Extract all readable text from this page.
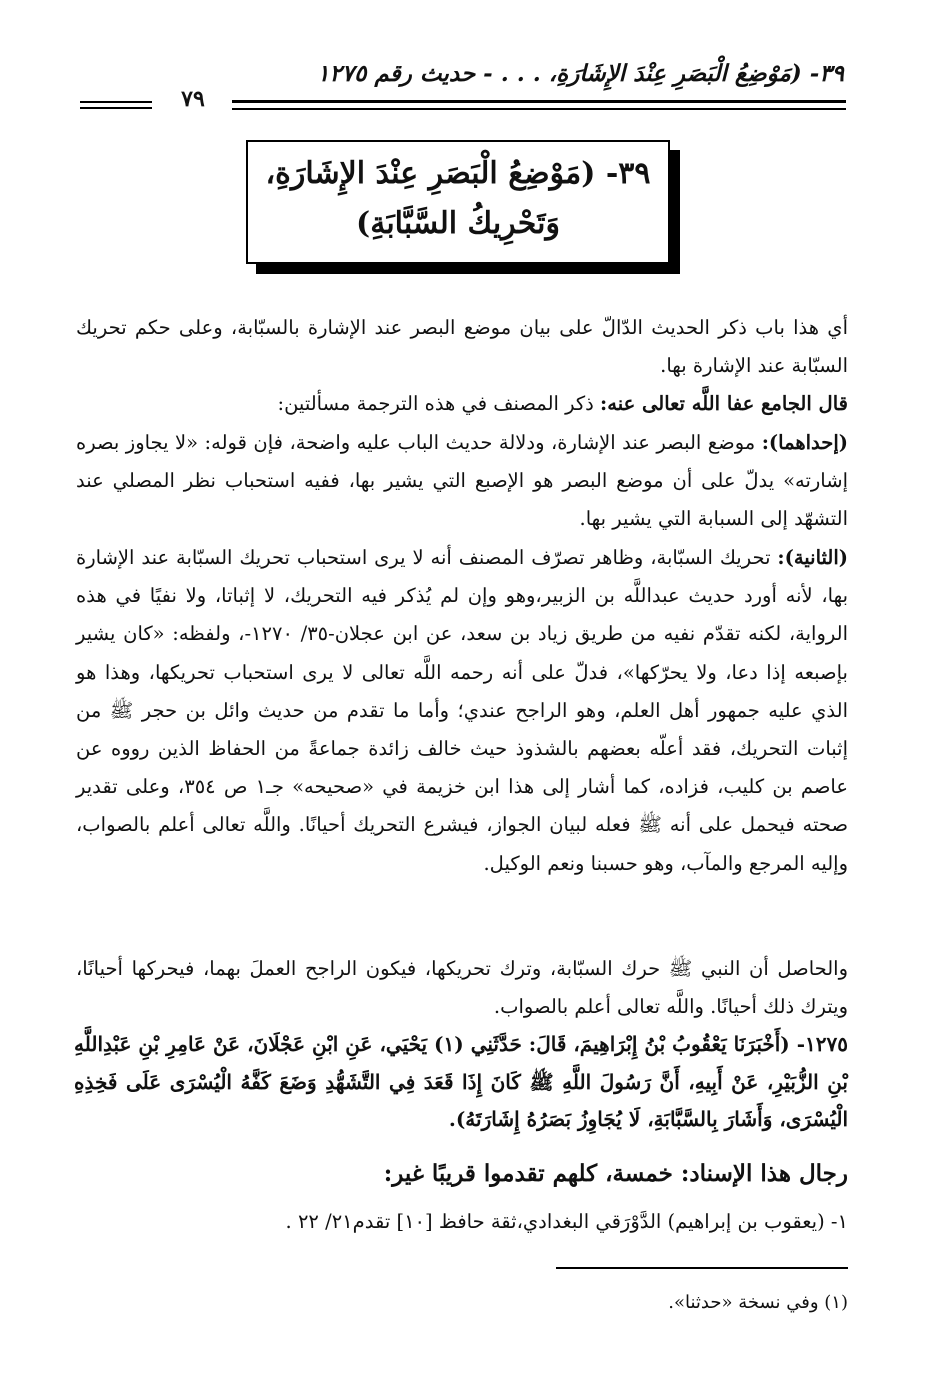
٣٩- (مَوْضِعُ الْبَصَرِ عِنْدَ الإِشَارَةِ، . . . - حديث رقم ١٢٧٥
٧٩
٣٩- (مَوْضِعُ الْبَصَرِ عِنْدَ الإِشَارَةِ،
وَتَحْرِيكُ السَّبَّابَةِ)

أي هذا باب ذكر الحديث الدّالّ على بيان موضع البصر عند الإشارة بالسبّابة، وعلى حكم تحريك السبّابة عند الإشارة بها.

قال الجامع عفا اللَّه تعالى عنه: ذكر المصنف في هذه الترجمة مسألتين:

(إحداهما): موضع البصر عند الإشارة، ودلالة حديث الباب عليه واضحة، فإن قوله: «لا يجاوز بصره إشارته» يدلّ على أن موضع البصر هو الإصبع التي يشير بها، ففيه استحباب نظر المصلي عند التشهّد إلى السبابة التي يشير بها.

(الثانية): تحريك السبّابة، وظاهر تصرّف المصنف أنه لا يرى استحباب تحريك السبّابة عند الإشارة بها، لأنه أورد حديث عبداللَّه بن الزبير،وهو وإن لم يُذكر فيه التحريك، لا إثباتا، ولا نفيًا في هذه الرواية، لكنه تقدّم نفيه من طريق زياد بن سعد، عن ابن عجلان-٣٥/ ١٢٧٠-، ولفظه: «كان يشير بإصبعه إذا دعا، ولا يحرّكها»، فدلّ على أنه رحمه اللَّه تعالى لا يرى استحباب تحريكها، وهذا هو الذي عليه جمهور أهل العلم، وهو الراجح عندي؛ وأما ما تقدم من حديث وائل بن حجر ﷺ من إثبات التحريك، فقد أعلّه بعضهم بالشذوذ حيث خالف زائدة جماعةً من الحفاظ الذين رووه عن عاصم بن كليب، فزاده، كما أشار إلى هذا ابن خزيمة في «صحيحه» جـ١ ص ٣٥٤، وعلى تقدير صحته فيحمل على أنه ﷺ فعله لبيان الجواز، فيشرع التحريك أحيانًا. واللَّه تعالى أعلم بالصواب، وإليه المرجع والمآب، وهو حسبنا ونعم الوكيل.

والحاصل أن النبي ﷺ حرك السبّابة، وترك تحريكها، فيكون الراجح العملَ بهما، فيحركها أحيانًا، ويترك ذلك أحيانًا. واللَّه تعالى أعلم بالصواب.

١٢٧٥- (أَخْبَرَنَا يَعْقُوبُ بْنُ إِبْرَاهِيمَ، قَالَ: حَدَّثَنِي (١) يَحْيَي، عَنِ ابْنِ عَجْلَانَ، عَنْ عَامِرِ بْنِ عَبْدِاللَّهِ بْنِ الزُّبَيْرِ، عَنْ أَبِيهِ، أَنَّ رَسُولَ اللَّهِ ﷺ كَانَ إِذَا قَعَدَ فِي التَّشَهُّدِ وَضَعَ كَفَّهُ الْيُسْرَى عَلَى فَخِذِهِ الْيُسْرَى، وَأَشَارَ بِالسَّبَّابَةِ، لَا يُجَاوِزُ بَصَرُهُ إِشَارَتَهُ).
رجال هذا الإسناد: خمسة، كلهم تقدموا قريبًا غير:
١- (يعقوب بن إبراهيم) الدَّوْرَقي البغدادي،ثقة حافظ [١٠] تقدم٢١/ ٢٢ .
(١) وفي نسخة «حدثنا».
